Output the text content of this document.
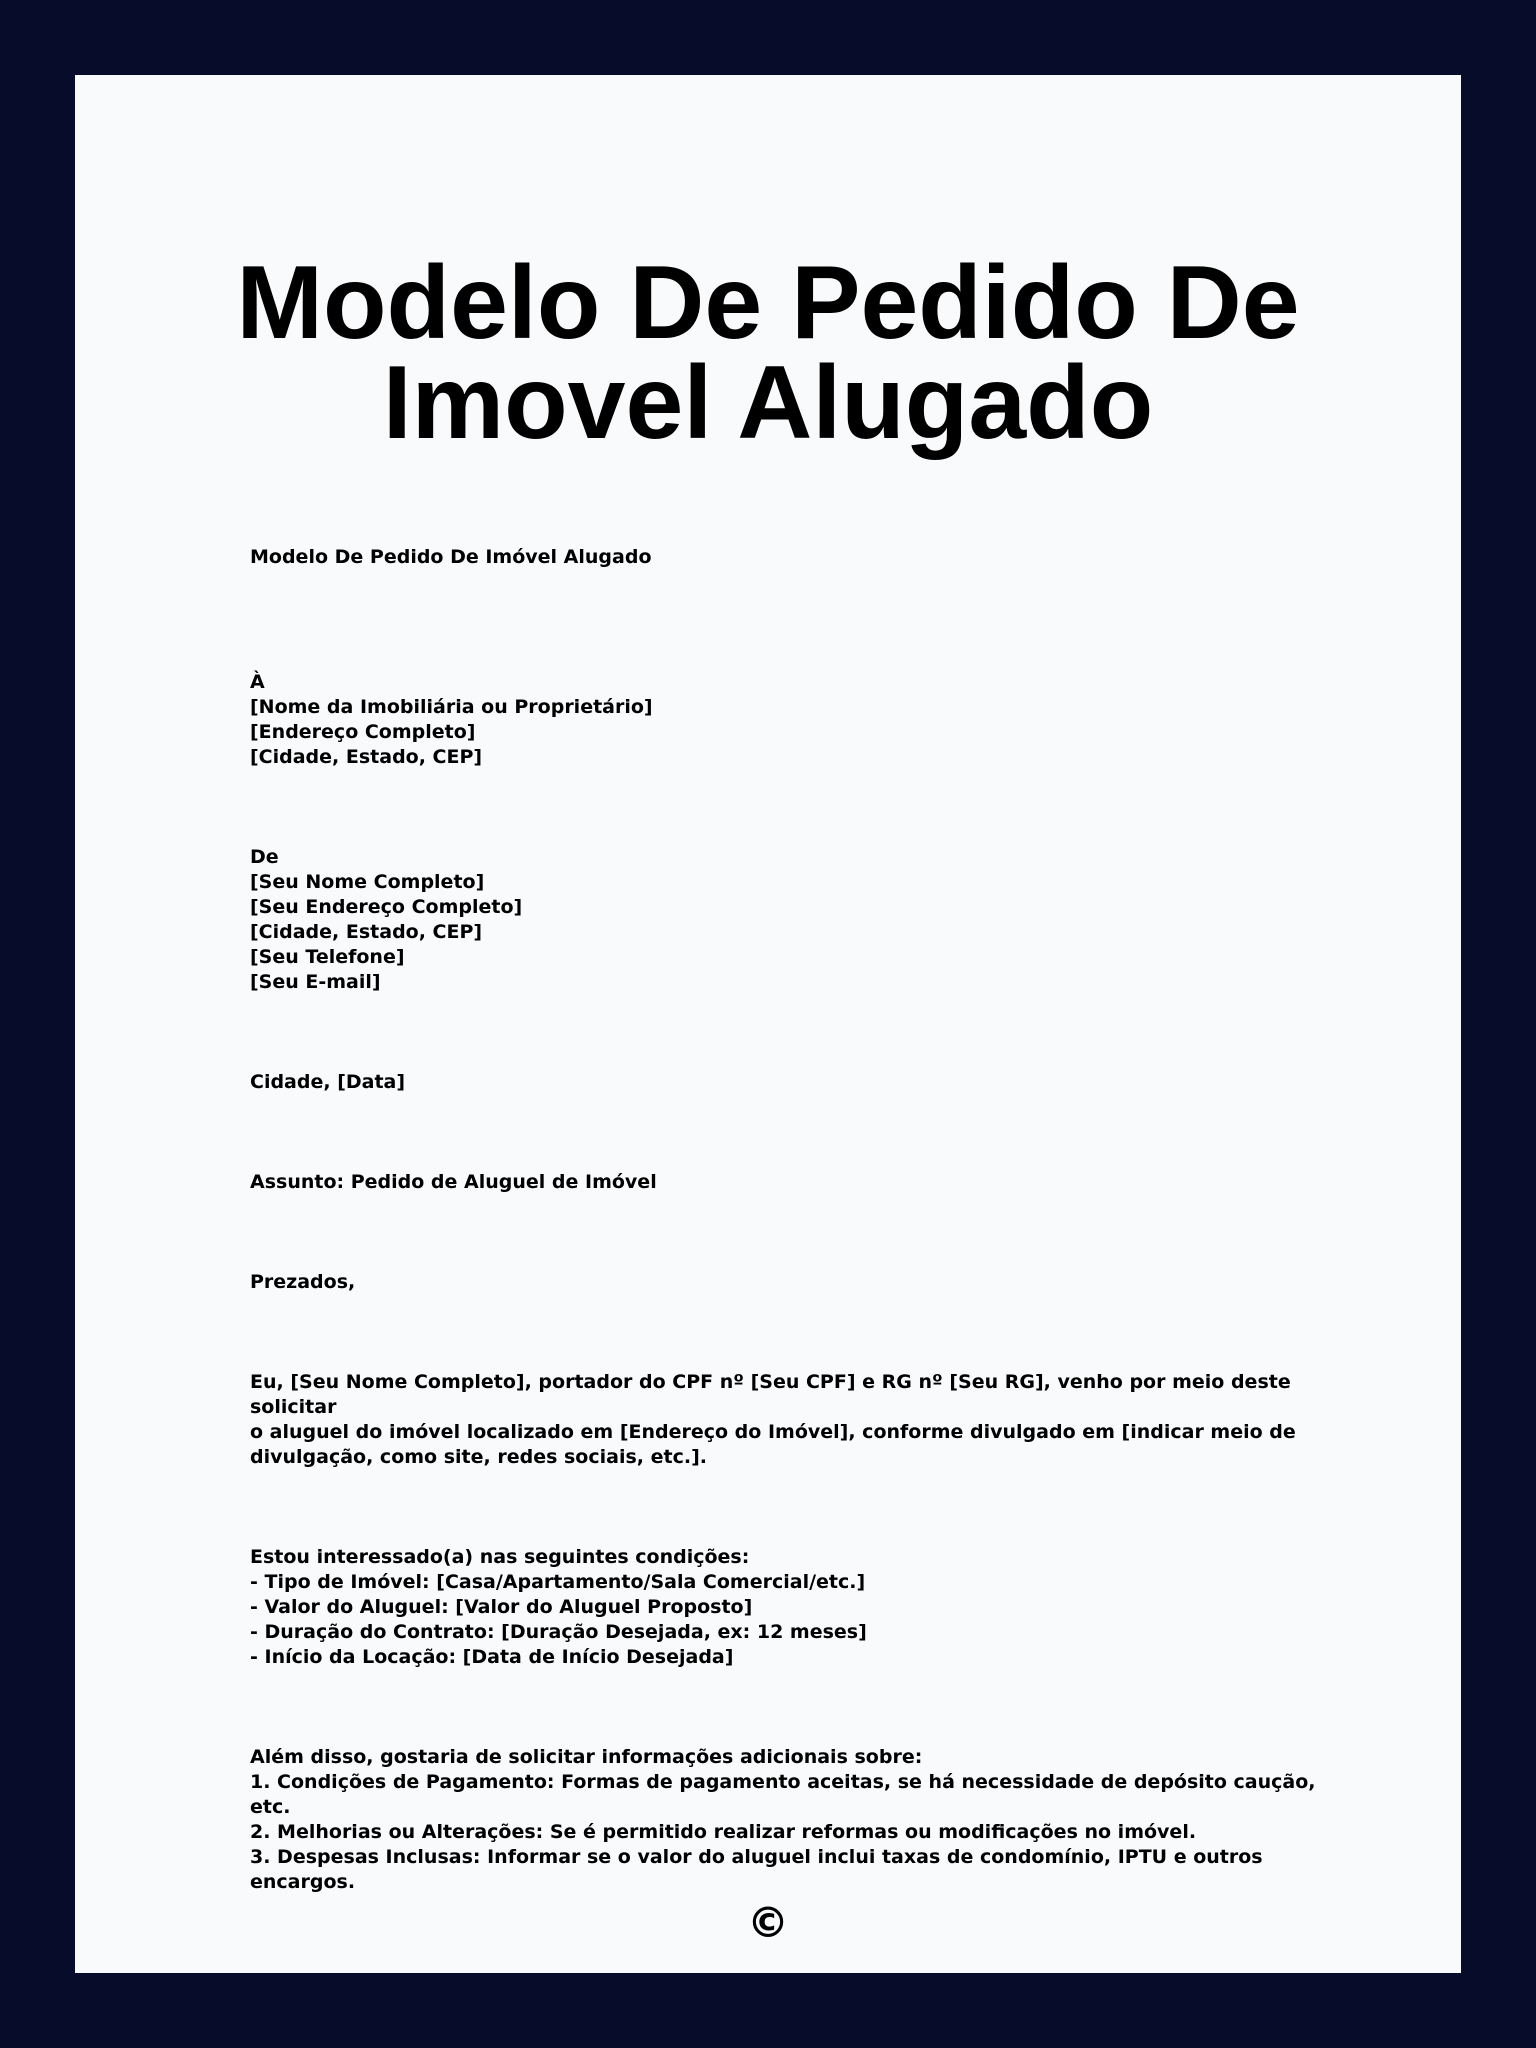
Modelo De Pedido De Imovel Alugado

Modelo De Pedido De Imóvel Alugado

À
[Nome da Imobiliária ou Proprietário]
[Endereço Completo]
[Cidade, Estado, CEP]
De
[Seu Nome Completo]
[Seu Endereço Completo]
[Cidade, Estado, CEP]
[Seu Telefone]
[Seu E-mail]

Cidade, [Data]

Assunto: Pedido de Aluguel de Imóvel

Prezados,

Eu, [Seu Nome Completo], portador do CPF nº [Seu CPF] e RG nº [Seu RG], venho por meio deste solicitar
o aluguel do imóvel localizado em [Endereço do Imóvel], conforme divulgado em [indicar meio de
divulgação, como site, redes sociais, etc.].
Estou interessado(a) nas seguintes condições:
- Tipo de Imóvel: [Casa/Apartamento/Sala Comercial/etc.]
- Valor do Aluguel: [Valor do Aluguel Proposto]
- Duração do Contrato: [Duração Desejada, ex: 12 meses]
- Início da Locação: [Data de Início Desejada]
Além disso, gostaria de solicitar informações adicionais sobre:
1. Condições de Pagamento: Formas de pagamento aceitas, se há necessidade de depósito caução, etc.
2. Melhorias ou Alterações: Se é permitido realizar reformas ou modificações no imóvel.
3. Despesas Inclusas: Informar se o valor do aluguel inclui taxas de condomínio, IPTU e outros encargos.
©
